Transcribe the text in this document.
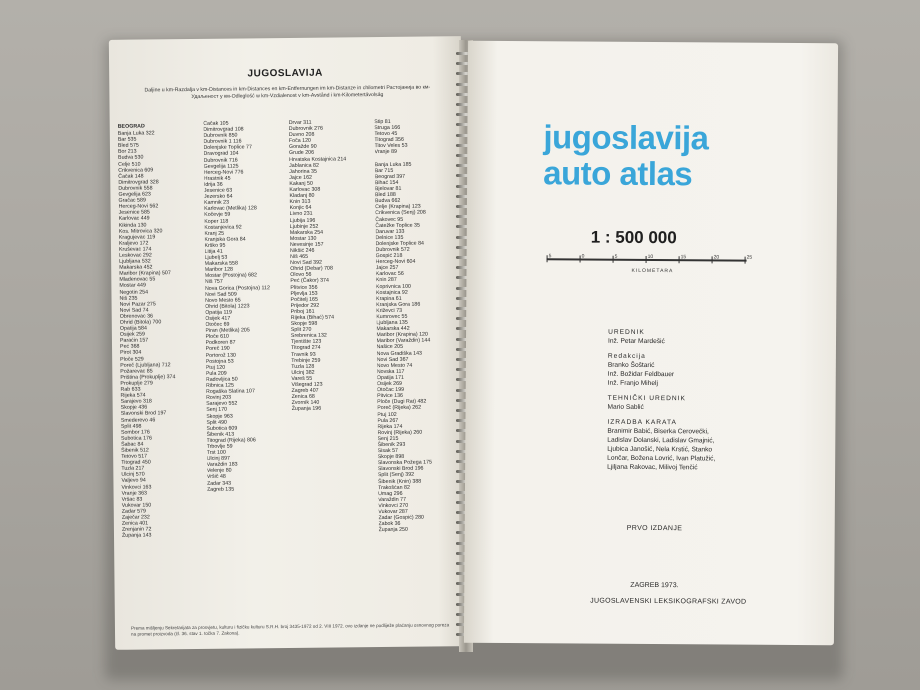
JUGOSLAVIJA
Daljine u km-Razdalja v km-Distances in km-Distances en km-Entfernungen im km-Distanze in chilometri Растојанија во км-Удаљеност у км-Odleglość w km-Vzdialenost v km-Avstånd i km-Kilometertávolság
BEOGRAD
Banja Luka 322
Bar 535
Bled 575
Bor 213
Budva 530
Celje 510
Crikvenica 609
Čačak 148
Dimitrovgrad 328
Dubrovnik 558
Gevgelija 623
Gračac 589
Herceg-Novi 562
Jesenice 585
Karlovac 449
Kikinda 130
Kos. Mitrovica 320
Kragujevac 119
Kraljevo 172
Kruševac 174
Leskovac 292
Ljubljana 532
Makarska 452
Maribor (Krapina) 507
Mladenovac 55
Mostar 449
Negotin 254
Niš 235
Novi Pazar 275
Novi Sad 74
Obrenovac 36
Ohrid (Bitola) 700
Opatija 584
Osijek 259
Paraćin 157
Peć 368
Pirot 304
Ploče 529
Poreč (Ljubljana) 712
Požarevac 85
Priština (Prokuplje) 374
Prokuplje 279
Rab 633
Rijeka 574
Sarajevo 318
Skopje 436
Slavonski Brod 197
Smederevo 46
Split 498
Sombor 176
Subotica 176
Šabac 84
Šibenik 512
Tetovo 517
Titograd 450
Tuzla 217
Ulcinj 570
Valjevo 94
Vinkovci 163
Vranje 363
Vršac 83
Vukovar 150
Zadar 579
Zaječar 232
Zenica 401
Zrenjanin 72
Županja 143
Čačak 105
Dimitrovgrad 108
Dubrovnik 850
Dubrovnik 1 116
Dolenjske Toplice 77
Dravograd 104
Dubrovnik 716
Gevgelija 1125
Herceg-Novi 776
Hrastnik 45
Idrija 36
Jesenice 63
Jezersko 64
Kamnik 23
Karlovac (Metlika) 128
Kočevje 59
Koper 118
Kostanjevica 92
Kranj 25
Kranjska Gora 84
Krško 95
Litija 41
Ljubelj 53
Makarska 558
Maribor 128
Mostar (Postojna) 682
Niš 757
Nova Gorica (Postojna) 112
Novi Sad 509
Novo Mesto 65
Ohrid (Bitola) 1223
Opatija 119
Osijek 417
Otočec 69
Piran (Metlika) 205
Ploče 610
Podkoren 87
Poreč 190
Portorož 130
Postojna 53
Ptuj 120
Pula 209
Radovljica 50
Ribnica 125
Rogaška Slatina 107
Rovinj 203
Sarajevo 552
Senj 170
Skopje 963
Split 490
Subotica 609
Šibenik 413
Titograd (Rijeka) 806
Trbovlje 59
Trst 100
Ulcinj 897
Varaždin 183
Velenje 80
Vršič 48
Zadar 343
Zagreb 135
Drvar 311
Dubrovnik 276
Duvno 208
Foča 120
Goražde 90
Grude 206
Hrvatska Kostajnica 214
Jablanica 82
Jahorina 35
Jajce 162
Kakanj 50
Karlovac 308
Kladanj 80
Knin 313
Konjic 64
Livno 231
Ljubija 196
Ljubinje 252
Makarska 254
Mostar 130
Nevesinje 157
Nikšić 246
Niš 465
Novi Sad 392
Ohrid (Debar) 708
Olovo 56
Peć (Čakor) 374
Plitvice 356
Pljevlja 153
Počitelj 165
Prijedor 292
Priboj 161
Rijeka (Bihać) 574
Skopje 598
Split 270
Srebrenica 132
Tjentište 123
Titograd 274
Travnik 93
Trebinje 259
Tuzla 128
Ulcinj 382
Vareš 55
Višegrad 123
Zagreb 407
Zenica 68
Zvornik 140
Županja 196
Štip 81
Struga 166
Tetovo 45
Titograd 356
Titov Veles 53
Vranje 89

Banja Luka 185
Bar 715
Beograd 397
Bihać 154
Bjelovar 81
Bled 188
Budva 662
Celje (Krapina) 123
Crikvenica (Senj) 208
Čakovec 95
Čatežke Toplice 35
Daruvar 133
Delnice 135
Dolenjske Toplice 84
Dubrovnik 572
Gospić 218
Herceg-Novi 604
Jajce 257
Karlovac 56
Knin 287
Koprivnica 100
Kostajnica 92
Krapina 61
Kranjska Gora 186
Križevci 73
Kumrovec 55
Ljubljana 135
Makarska 442
Maribor (Krapina) 120
Maribor (Varaždin) 144
Našice 205
Nova Gradiška 143
Novi Sad 367
Novo Mesto 74
Novska 117
Opatija 171
Osijek 269
Otočac 199
Pitvice 136
Ploče (Dugi Rat) 482
Poreč (Rijeka) 262
Ptuj 102
Pula 267
Rijeka 174
Rovinj (Rijeka) 260
Senj 215
Šibenik 293
Sisak 57
Skopje 898
Slavonska Požega 175
Slavonski Brod 196
Split (Senj) 392
Šibenik (Knin) 388
Trakošćan 82
Umag 296
Varaždin 77
Vinkovci 270
Vukovar 287
Zadar (Gospić) 280
Zabok 36
Županja 250
Prema mišljenju Sekretarijata za prosvjetu, kulturu i fizičku kulturu S.R.H. broj 3435-1972 od 2. VIII 1972. ovo izdanje ne podliježe plaćanju osnovnog poreza na promet proizvoda (čl. 36. stav 1. točka 7. Zakona).
jugoslavija
auto atlas
1 : 500 000
5	0	5	10	15	20	25
KILOMETARA
UREDNIK
Inž. Petar Mardešić
Redakcija
Branko Šoštarić
Inž. Božidar Feldbauer
Inž. Franjo Mihelj
TEHNIČKI UREDNIK
Mario Sablić
IZRADBA KARATA
Branimir Babić, Biserka Cerovečki,
Ladislav Dolanski, Ladislav Gmajnić,
Ljubica Janošić, Nela Krstić, Stanko
Lončar, Božena Lovrić, Ivan Platužić,
Ljiljana Rakovac, Milivoj Tenčić
PRVO IZDANJE
ZAGREB 1973.
JUGOSLAVENSKI LEKSIKOGRAFSKI ZAVOD
